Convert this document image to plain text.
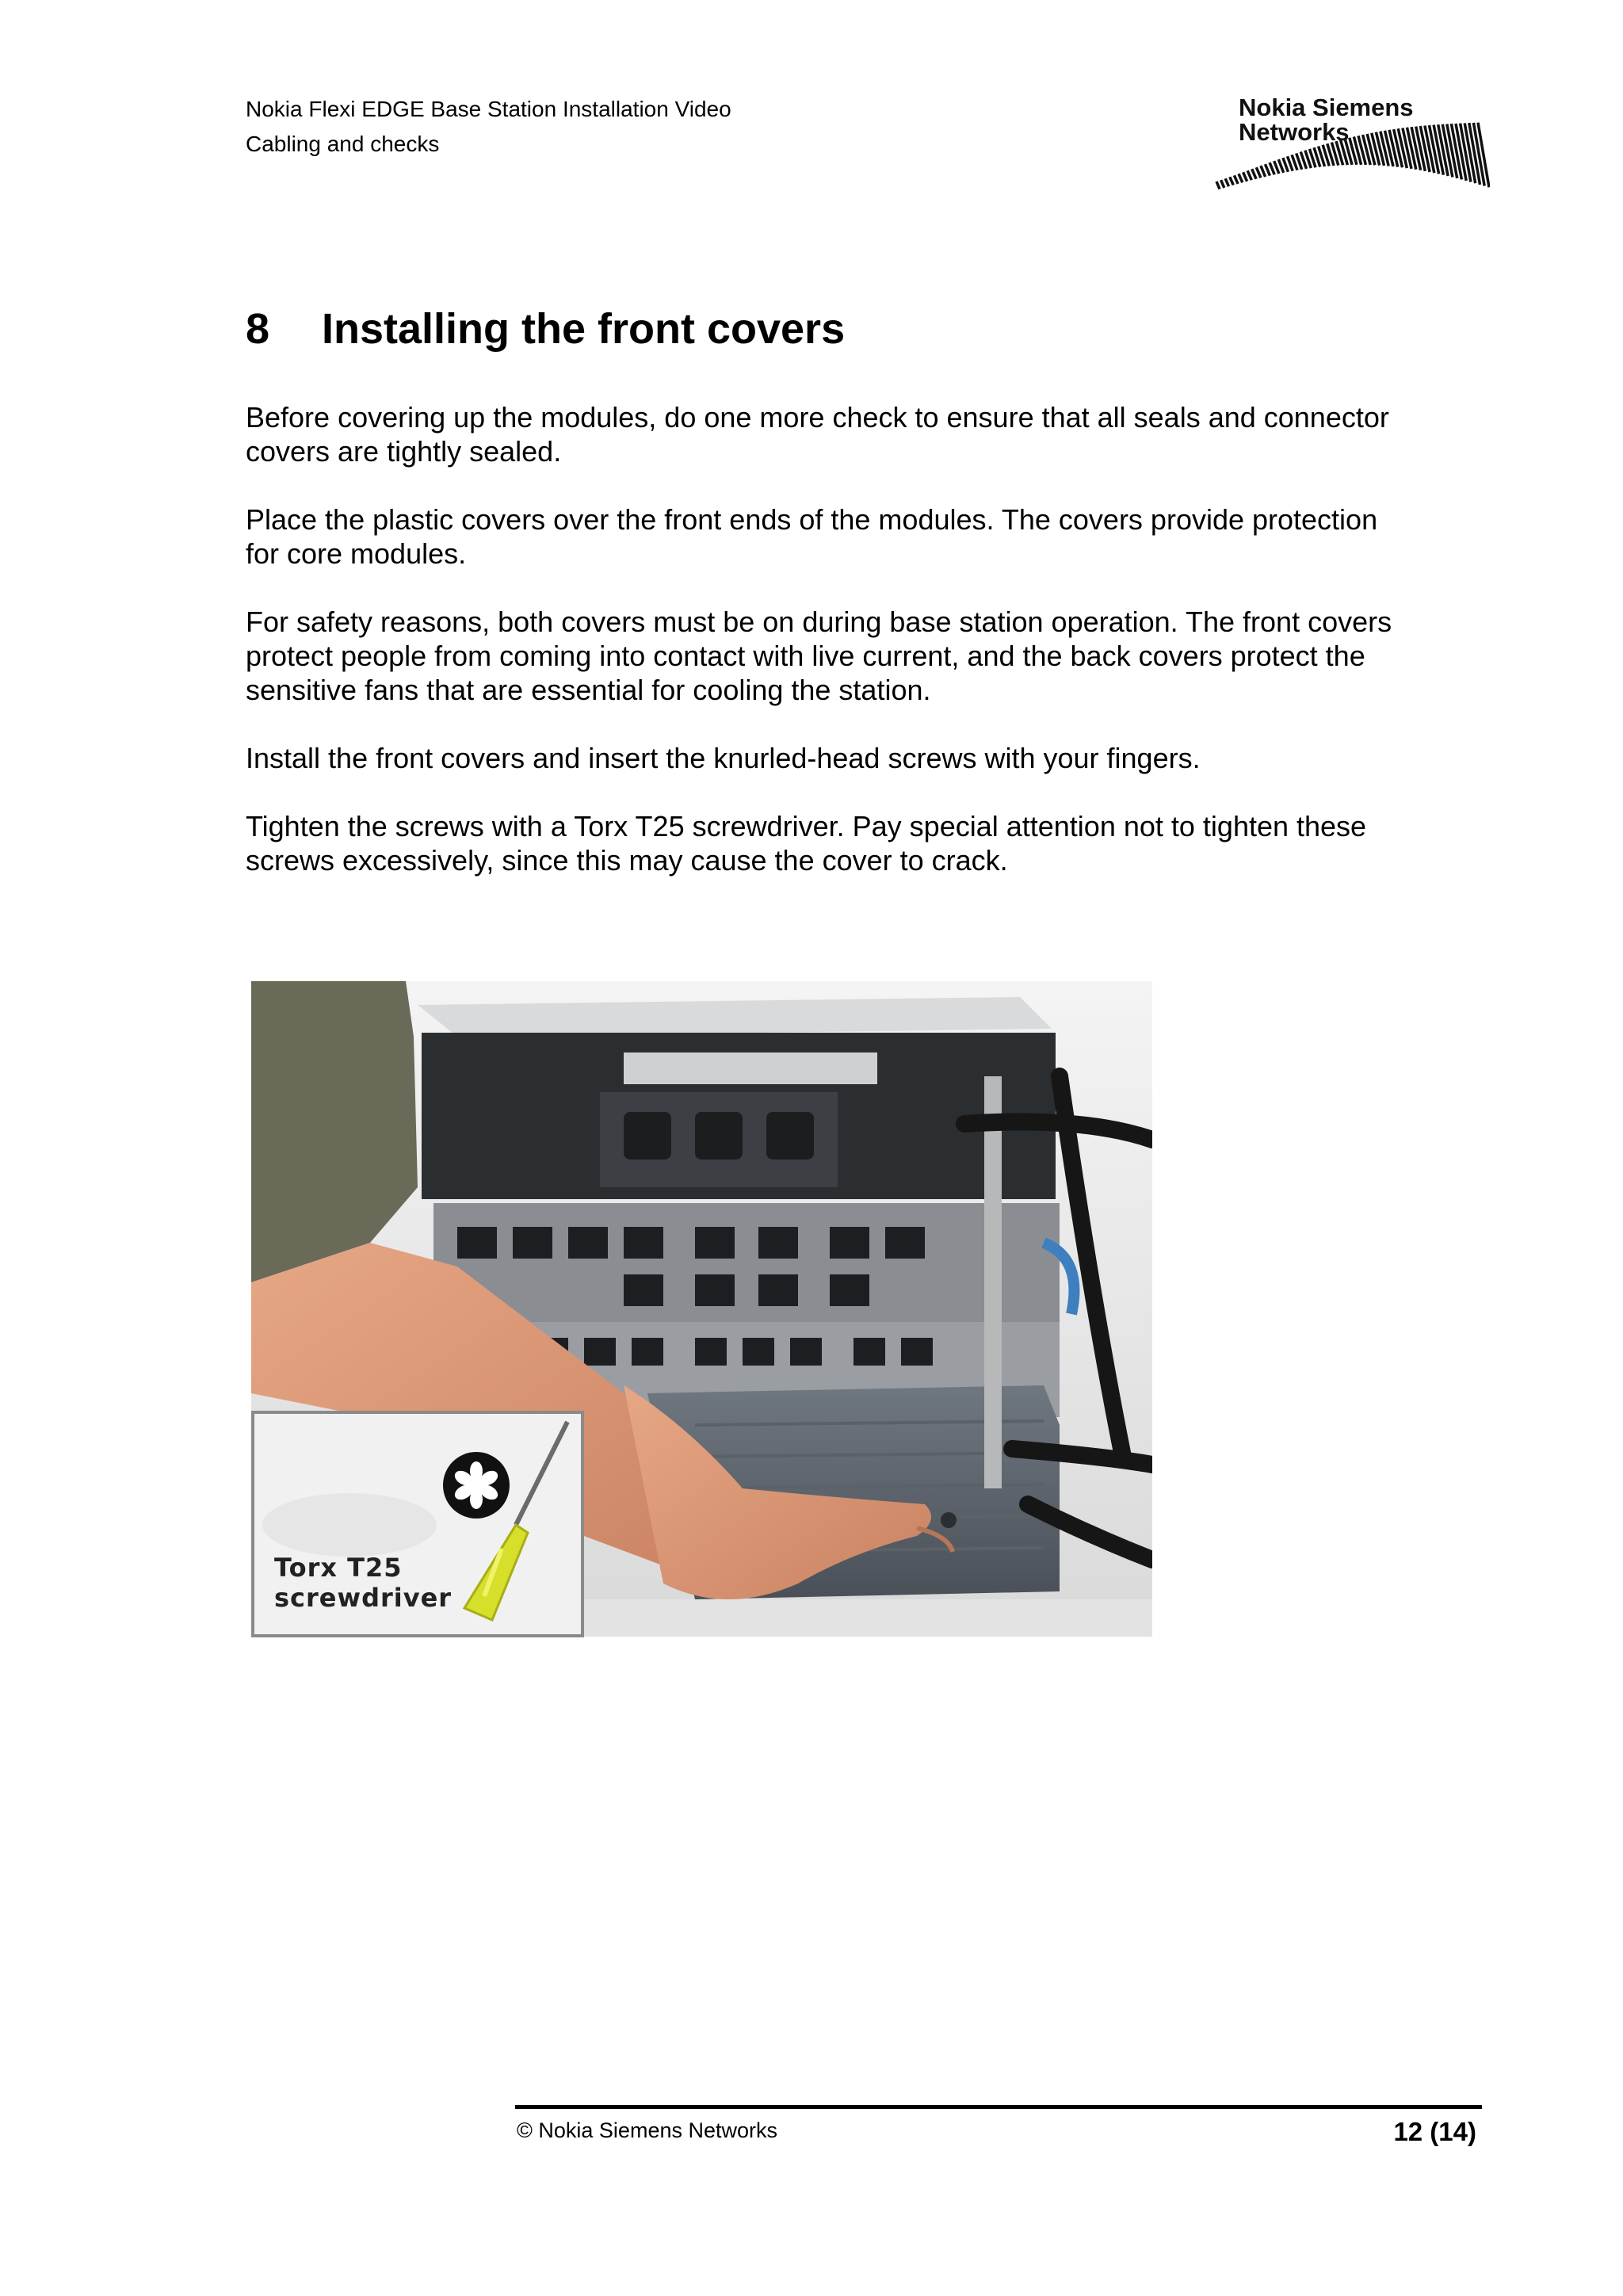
Nokia Flexi EDGE Base Station Installation Video
Cabling and checks
Nokia Siemens
Networks
8 Installing the front covers

Before covering up the modules, do one more check to ensure that all seals and connector covers are tightly sealed.

Place the plastic covers over the front ends of the modules. The covers provide protection for core modules.

For safety reasons, both covers must be on during base station operation. The front covers protect people from coming into contact with live current, and the back covers protect the sensitive fans that are essential for cooling the station.

Install the front covers and insert the knurled-head screws with your fingers.

Tighten the screws with a Torx T25 screwdriver. Pay special attention not to tighten these screws excessively, since this may cause the cover to crack.

Torx T25
screwdriver
© Nokia Siemens Networks	12 (14)
